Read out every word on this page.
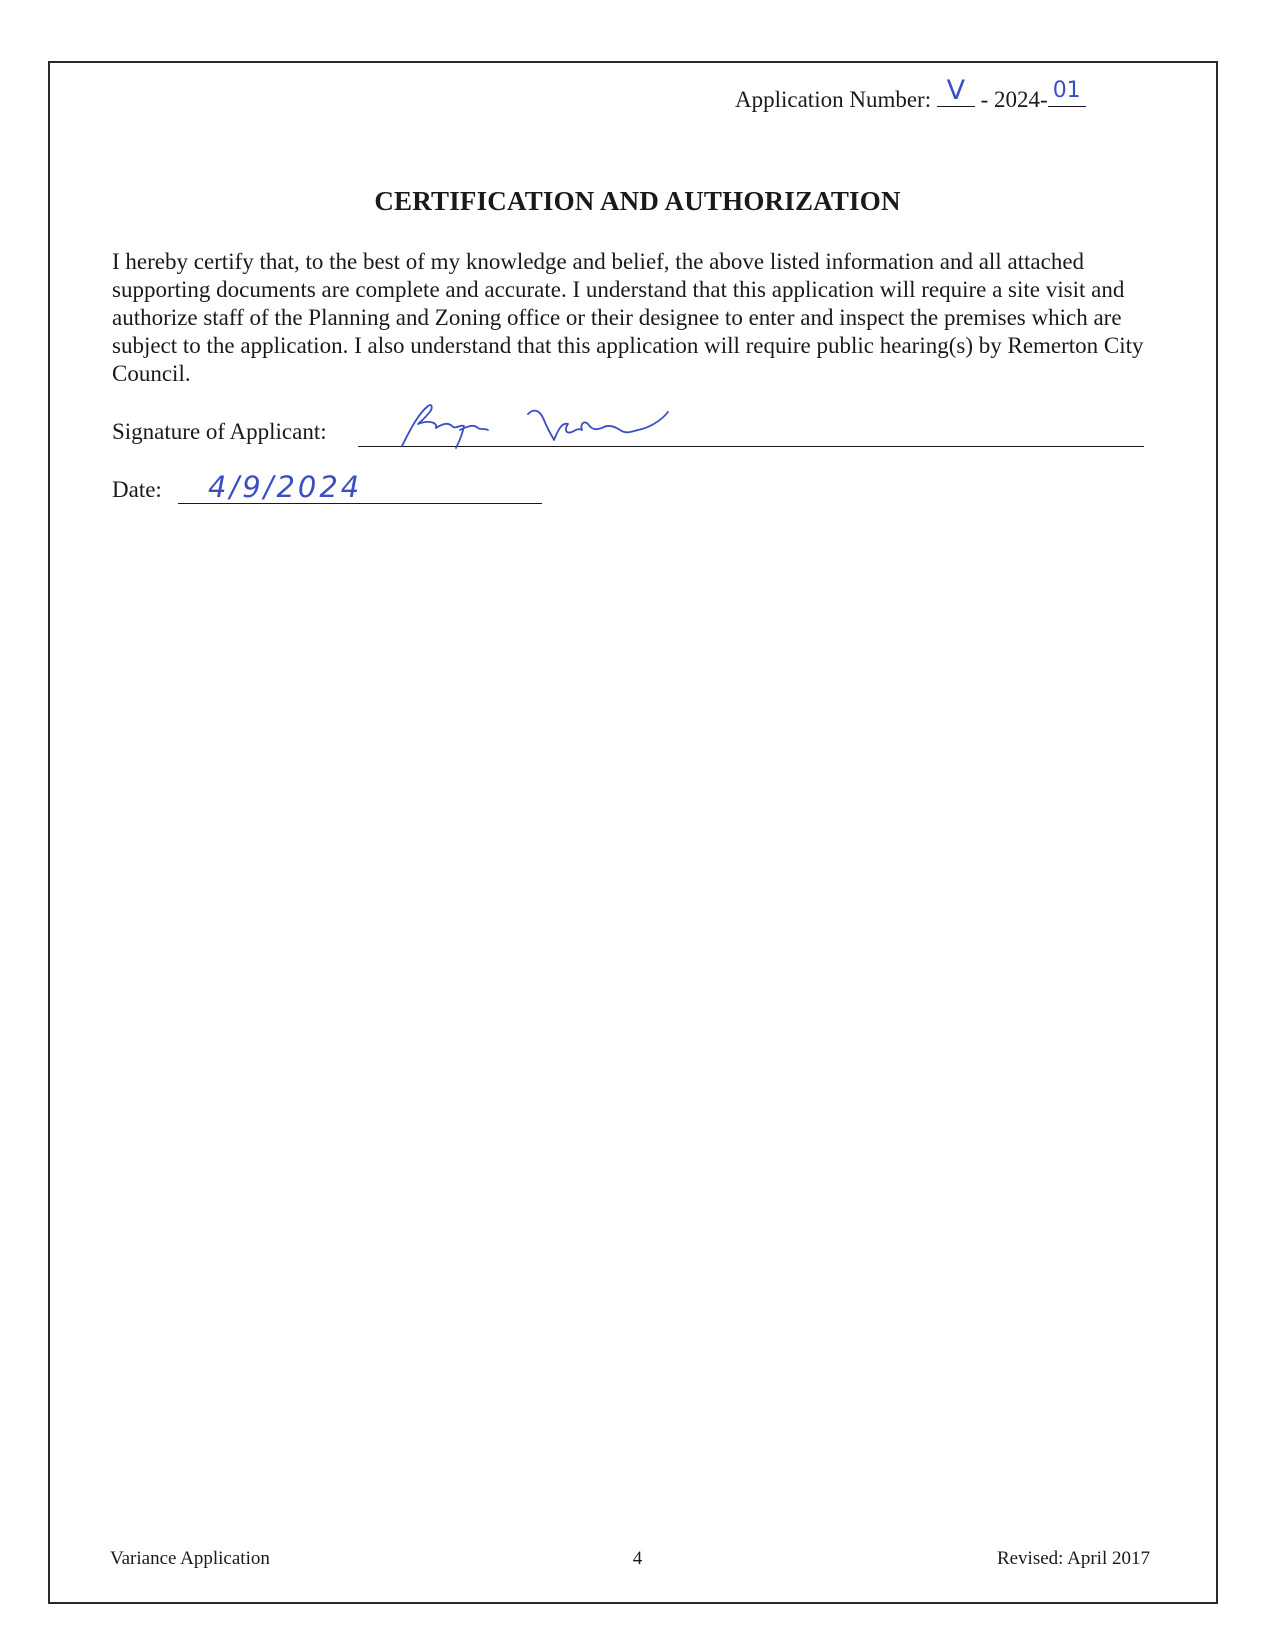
Application Number: V - 2024- 01
CERTIFICATION AND AUTHORIZATION

I hereby certify that, to the best of my knowledge and belief, the above listed information and all attached supporting documents are complete and accurate. I understand that this application will require a site visit and authorize staff of the Planning and Zoning office or their designee to enter and inspect the premises which are subject to the application. I also understand that this application will require public hearing(s) by Remerton City Council.

Signature of Applicant:
Date: 4/9/2024
Variance Application	4	Revised: April 2017
